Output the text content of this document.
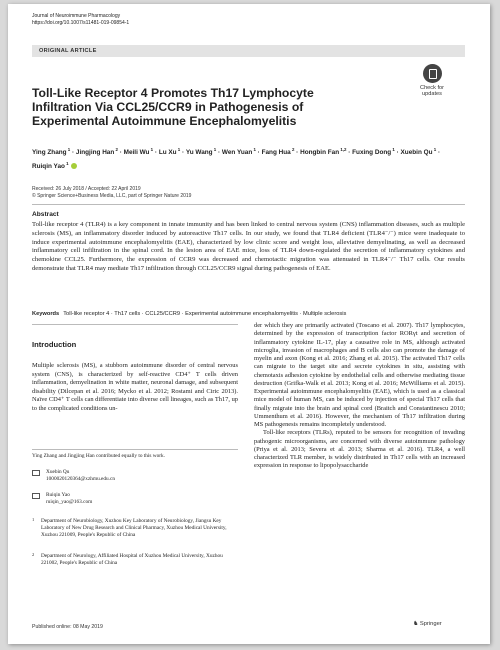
Journal of Neuroimmune Pharmacology
https://doi.org/10.1007/s11481-019-09854-1
ORIGINAL ARTICLE
Check for
updates
Toll-Like Receptor 4 Promotes Th17 Lymphocyte Infiltration Via CCL25/CCR9 in Pathogenesis of Experimental Autoimmune Encephalomyelitis
Ying Zhang $^1$ · Jingjing Han $^2$ · Meili Wu $^1$ · Lu Xu $^1$ · Yu Wang $^1$ · Wen Yuan $^1$ · Fang Hua $^2$ · Hongbin Fan $^{1,2}$ · Fuxing Dong $^1$ · Xuebin Qu $^1$ · Ruiqin Yao $^1$
Received: 26 July 2018 / Accepted: 22 April 2019
© Springer Science+Business Media, LLC, part of Springer Nature 2019
Abstract

Toll-like receptor 4 (TLR4) is a key component in innate immunity and has been linked to central nervous system (CNS) inflammation diseases, such as multiple sclerosis (MS), an inflammatory disorder induced by autoreactive Th17 cells. In our study, we found that TLR4 deficient (TLR4⁻/⁻) mice were inadequate to induce experimental autoimmune encephalomyelitis (EAE), characterized by low clinic score and weight loss, alleviative demyelinating, as well as decreased inflammatory cell infiltration in the spinal cord. In the lesion area of EAE mice, loss of TLR4 down-regulated the secretion of inflammatory cytokines and chemokine CCL25. Furthermore, the expression of CCR9 was decreased and chemotactic migration was attenuated in TLR4⁻/⁻ Th17 cells. Our results demonstrate that TLR4 may mediate Th17 infiltration through CCL25/CCR9 signal during pathogenesis of EAE.

Keywords Toll-like receptor 4 · Th17 cells · CCL25/CCR9 · Experimental autoimmune encephalomyelitis · Multiple sclerosis
Introduction

Multiple sclerosis (MS), a stubborn autoimmune disorder of central nervous system (CNS), is characterized by self-reactive CD4⁺ T cells driven inflammation, demyelination in white matter, neuronal damage, and subsequent disability (Dilcepan et al. 2016; Mycko et al. 2012; Rostami and Ciric 2013). Naïve CD4⁺ T cells can differentiate into diverse cell lineages, such as Th17, up to the complicated conditions un-

der which they are primarily activated (Toscano et al. 2007). Th17 lymphocytes, determined by the expression of transcription factor RORγt and secretion of inflammatory cytokine IL-17, play a causative role in MS, although activated microglia, invasion of macrophages and B cells also can promote the damage of myelin and axon (Kong et al. 2016; Zhang et al. 2015). The activated Th17 cells can migrate to the target site and secrete cytokines in situ, assisting with chemotaxis adhesion cytokine by endothelial cells and otherwise mediating tissue destruction (Grifka-Walk et al. 2013; Kong et al. 2016; McWilliams et al. 2015). Experimental autoimmune encephalomyelitis (EAE), which is used as a classical mice model of human MS, can be induced by injection of special Th17 cells that finally migrate into the brain and spinal cord (Braitch and Constantinescu 2010; Ummenthum et al. 2016). However, the mechanism of Th17 infiltration during MS pathogenesis remains incompletely understood.

Toll-like receptors (TLRs), reputed to be sensors for recognition of invading pathogenic microorganisms, are concerned with diverse autoimmune pathology (Priya et al. 2013; Severa et al. 2013; Sharma et al. 2016). TLR4, a well characterized TLR member, is widely distributed in Th17 cells with an increased expression in response to lipopolysaccharide

Ying Zhang and Jingjing Han contributed equally to this work.
Xuebin Qu
1000020120364@xzhmu.edu.cn
Ruiqin Yao
ruiqin_yao@163.com
1 Department of Neurobiology, Xuzhou Key Laboratory of Neurobiology, Jiangsu Key Laboratory of New Drug Research and Clinical Pharmacy, Xuzhou Medical University, Xuzhou 221009, People's Republic of China
2 Department of Neurology, Affiliated Hospital of Xuzhou Medical University, Xuzhou 221002, People's Republic of China
Published online: 08 May 2019	♞ Springer
